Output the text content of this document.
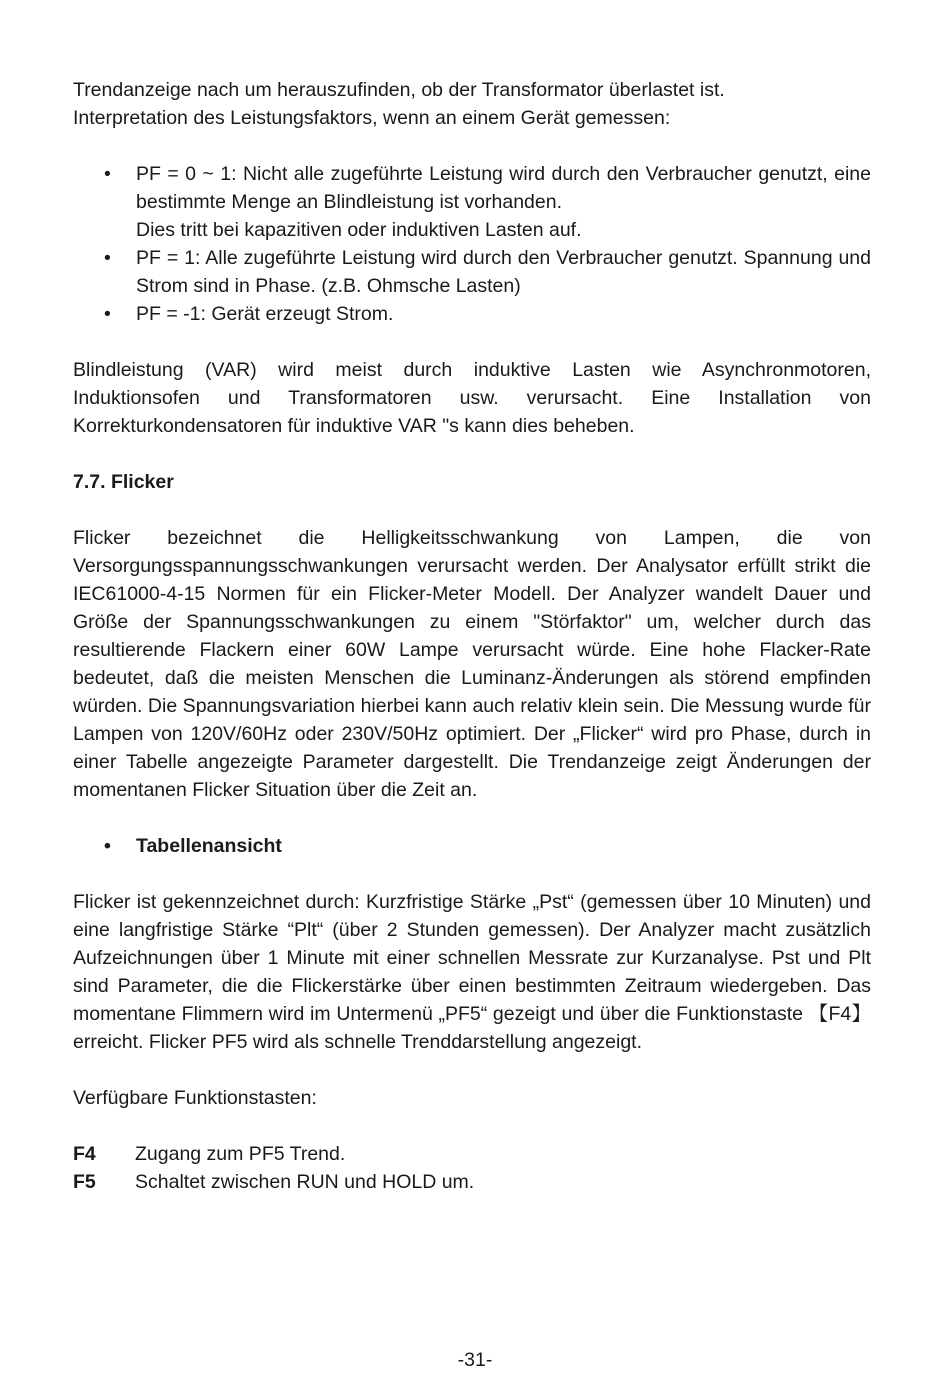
Trendanzeige nach um herauszufinden, ob der Transformator überlastet ist.

Interpretation des Leistungsfaktors, wenn an einem Gerät gemessen:

• PF = 0 ~ 1: Nicht alle zugeführte Leistung wird durch den Verbraucher genutzt, eine bestimmte Menge an Blindleistung ist vorhanden.
Dies tritt bei kapazitiven oder induktiven Lasten auf.
• PF = 1: Alle zugeführte Leistung wird durch den Verbraucher genutzt. Spannung und Strom sind in Phase. (z.B. Ohmsche Lasten)
• PF = -1: Gerät erzeugt Strom.

Blindleistung (VAR) wird meist durch induktive Lasten wie Asynchronmotoren, Induktionsofen und Transformatoren usw. verursacht. Eine Installation von Korrekturkondensatoren für induktive VAR "s kann dies beheben.

7.7. Flicker

Flicker bezeichnet die Helligkeitsschwankung von Lampen, die von Versorgungsspannungsschwankungen verursacht werden. Der Analysator erfüllt strikt die IEC61000-4-15 Normen für ein Flicker-Meter Modell. Der Analyzer wandelt Dauer und Größe der Spannungsschwankungen zu einem "Störfaktor" um, welcher durch das resultierende Flackern einer 60W Lampe verursacht würde. Eine hohe Flacker-Rate bedeutet, daß die meisten Menschen die Luminanz-Änderungen als störend empfinden würden. Die Spannungsvariation hierbei kann auch relativ klein sein. Die Messung wurde für Lampen von 120V/60Hz oder 230V/50Hz optimiert. Der „Flicker“ wird pro Phase, durch in einer Tabelle angezeigte Parameter dargestellt. Die Trendanzeige zeigt Änderungen der momentanen Flicker Situation über die Zeit an.

• Tabellenansicht

Flicker ist gekennzeichnet durch: Kurzfristige Stärke „Pst“ (gemessen über 10 Minuten) und eine langfristige Stärke “Plt“ (über 2 Stunden gemessen). Der Analyzer macht zusätzlich Aufzeichnungen über 1 Minute mit einer schnellen Messrate zur Kurzanalyse. Pst und Plt sind Parameter, die die Flickerstärke über einen bestimmten Zeitraum wiedergeben. Das momentane Flimmern wird im Untermenü „PF5“ gezeigt und über die Funktionstaste 【F4】 erreicht. Flicker PF5 wird als schnelle Trenddarstellung angezeigt.

Verfügbare Funktionstasten:

F4	Zugang zum PF5 Trend.
F5	Schaltet zwischen RUN und HOLD um.
-31-
